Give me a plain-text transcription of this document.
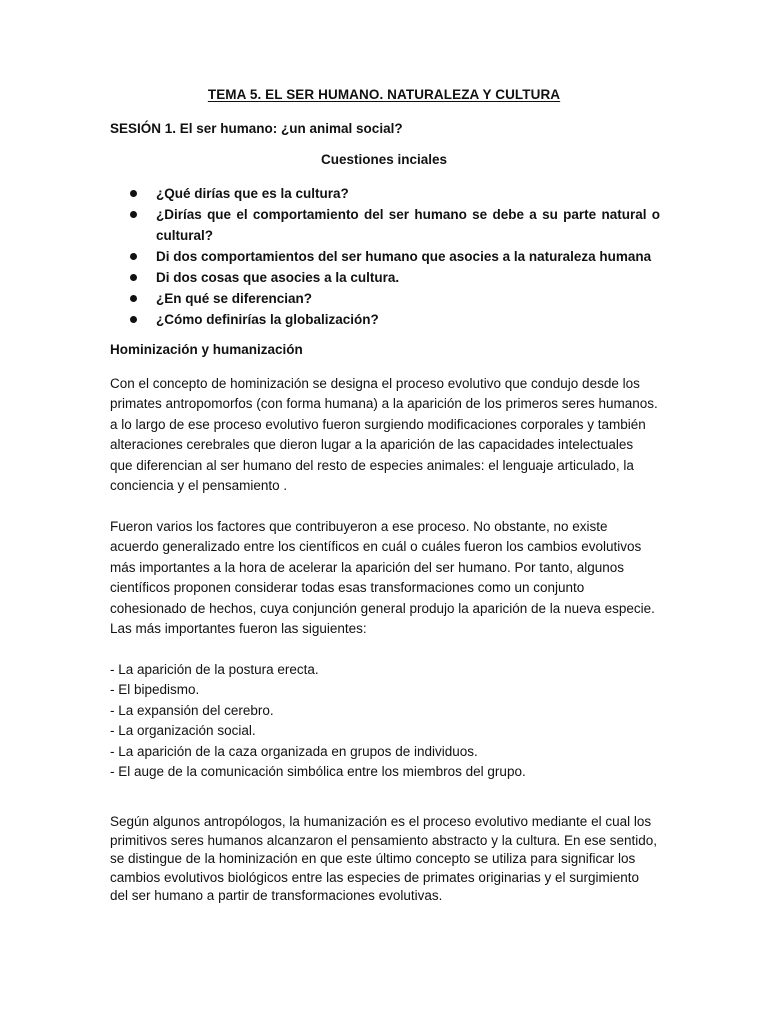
TEMA 5. EL SER HUMANO. NATURALEZA Y CULTURA
SESIÓN 1. El ser humano: ¿un animal social?
Cuestiones inciales
¿Qué dirías que es la cultura?
¿Dirías que el comportamiento del ser humano se debe a su parte natural o cultural?
Di dos comportamientos del ser humano que asocies a la naturaleza humana
Di dos cosas que asocies a la cultura.
¿En qué se diferencian?
¿Cómo definirías la globalización?
Hominización y humanización

Con el concepto de hominización se designa el proceso evolutivo que condujo desde los primates antropomorfos (con forma humana) a la aparición de los primeros seres humanos. a lo largo de ese proceso evolutivo fueron surgiendo modificaciones corporales y también alteraciones cerebrales que dieron lugar a la aparición de las capacidades intelectuales que diferencian al ser humano del resto de especies animales: el lenguaje articulado, la conciencia y el pensamiento .

Fueron varios los factores que contribuyeron a ese proceso. No obstante, no existe acuerdo generalizado entre los científicos en cuál o cuáles fueron los cambios evolutivos más importantes a la hora de acelerar la aparición del ser humano. Por tanto, algunos científicos proponen considerar todas esas transformaciones como un conjunto cohesionado de hechos, cuya conjunción general produjo la aparición de la nueva especie. Las más importantes fueron las siguientes:

- La aparición de la postura erecta.
- El bipedismo.
- La expansión del cerebro.
- La organización social.
- La aparición de la caza organizada en grupos de individuos.
- El auge de la comunicación simbólica entre los miembros del grupo.

Según algunos antropólogos, la humanización es el proceso evolutivo mediante el cual los primitivos seres humanos alcanzaron el pensamiento abstracto y la cultura. En ese sentido, se distingue de la hominización en que este último concepto se utiliza para significar los cambios evolutivos biológicos entre las especies de primates originarias y el surgimiento del ser humano a partir de transformaciones evolutivas.
